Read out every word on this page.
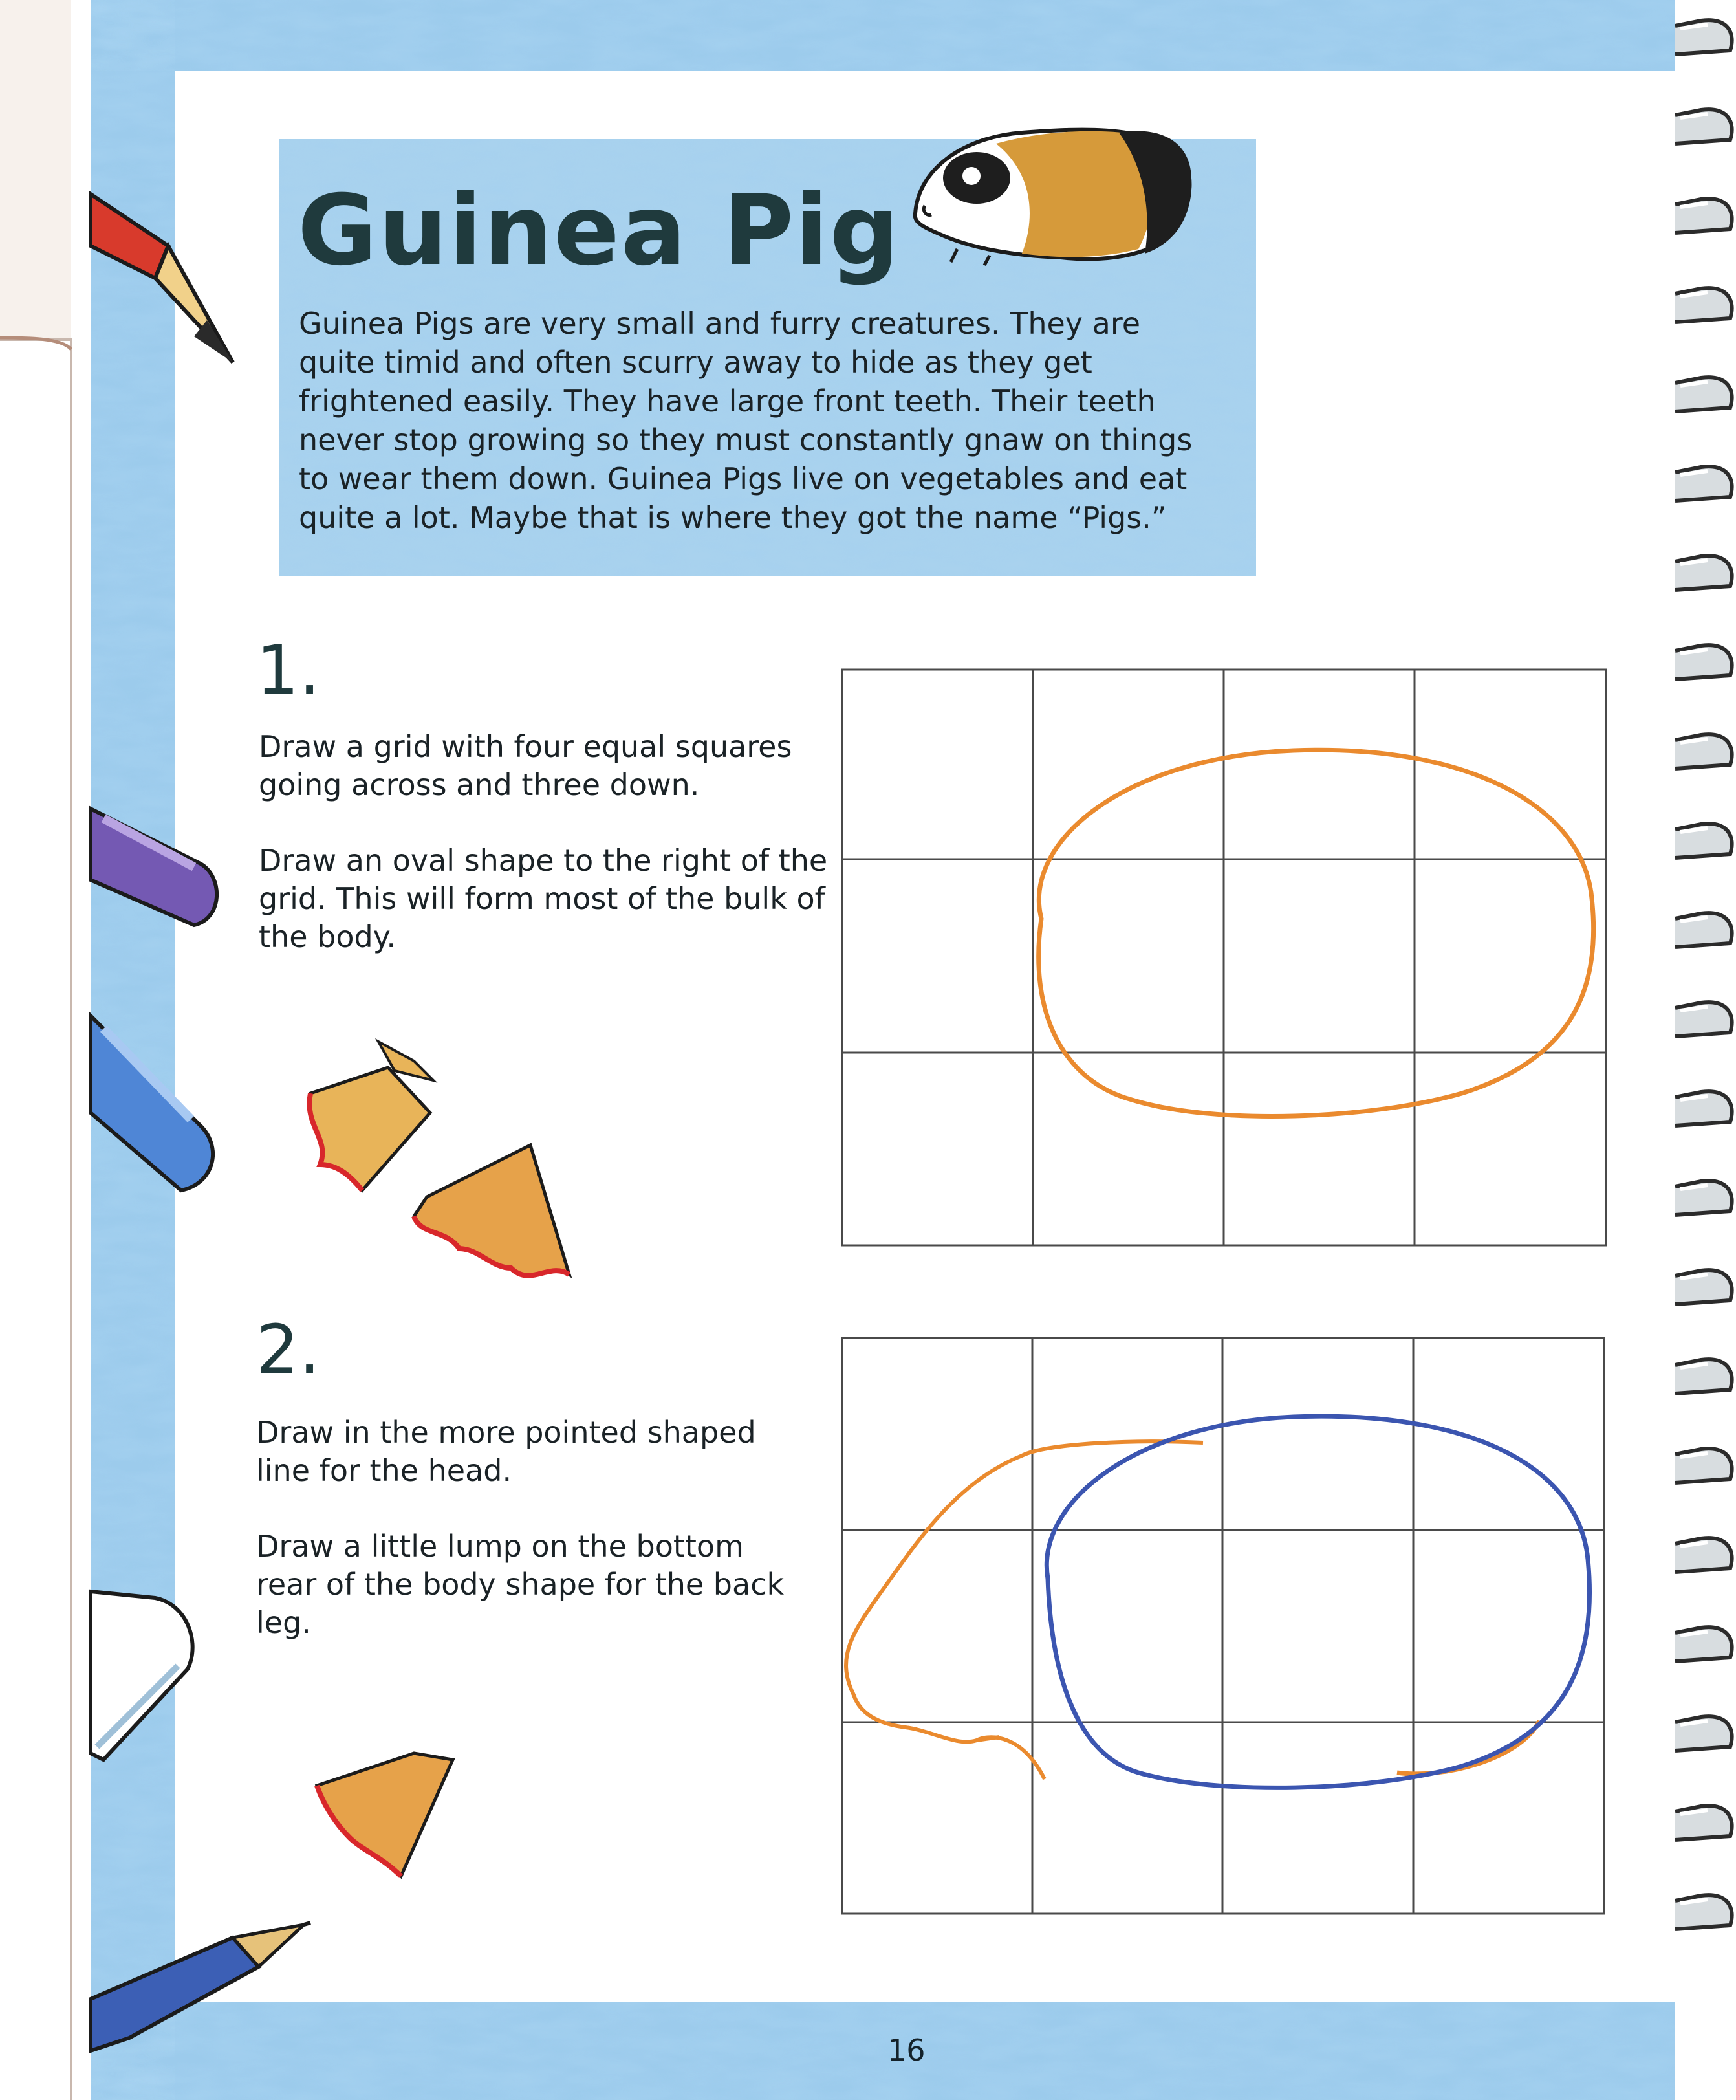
Guinea Pig
Guinea Pigs are very small and furry creatures. They are quite timid and often scurry away to hide as they get frightened easily. They have large front teeth. Their teeth never stop growing so they must constantly gnaw on things to wear them down. Guinea Pigs live on vegetables and eat quite a lot. Maybe that is where they got the name “Pigs.”
1.

Draw a grid with four equal squares going across and three down.

Draw an oval shape to the right of the grid. This will form most of the bulk of the body.

2.

Draw in the more pointed shaped line for the head.

Draw a little lump on the bottom rear of the body shape for the back leg.

16
